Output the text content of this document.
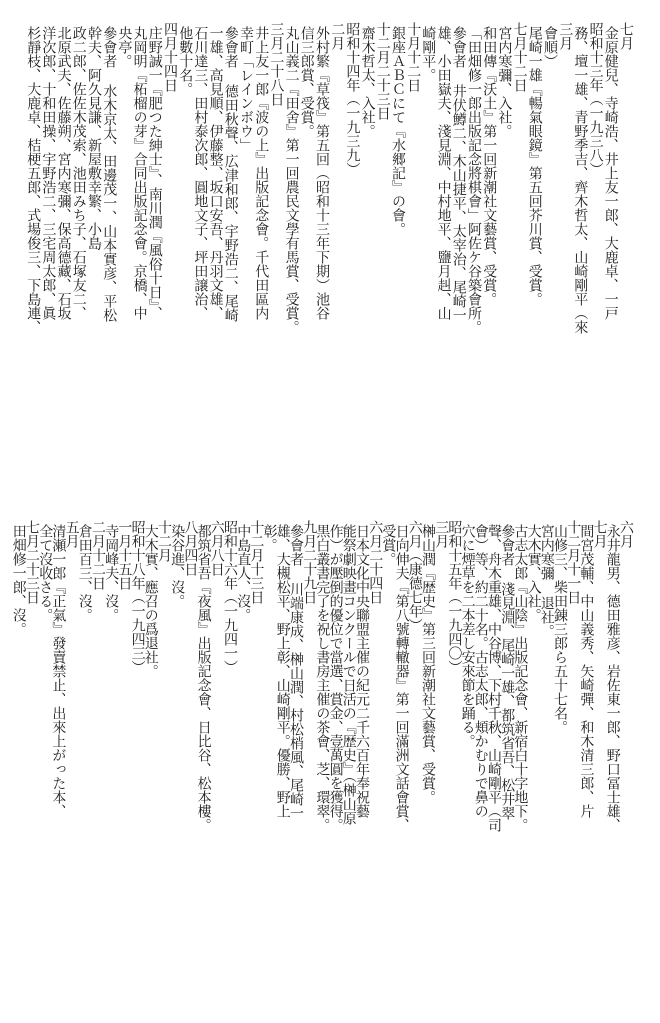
七月
金原健兒、寺崎浩、井上友一郎、大鹿卓、一戸
昭和十三年（一九三八）
務、壇一雄、青野季吉、齊木哲太、山崎剛平（來
三月
會順）
尾崎一雄『暢氣眼鏡』第五回芥川賞、受賞。
七月十二日
宮内寒彌、入社。
和田傳『沃土』第一回新潮社文藝賞、受賞。
「田畑修一郎出版記念將棋會」阿佐ケ谷築會所。
參會者 井伏鱒二、木山捷平、太宰治、尾崎一
雄、小田嶽夫、淺見淵、中村地平、鹽月赳、山
崎剛平。
十月十二日
銀座ＡＢＣにて『水郷記』の會。
十二月二十三日
齋木哲太、入社。
昭和十四年（一九三九）
二月
外村繁『草筏』第五回（昭和十三年下期）池谷
信三郎賞、受賞。
丸山義二『田舍』第一回農民文學有馬賞、受賞。
三月二十八日
井上友一郎『波の上』出版記念會。千代田區内
幸町「レインボウ」
參會者 德田秋聲、広津和郎、宇野浩二、尾崎
一雄、高見順、伊藤整、坂口安吾、丹羽文雄、
石川達三、田村泰次郎、圓地文子、坪田譲治、
他數十名。
四月十四日
庄野誠一『肥つた紳士』、南川潤『風俗十日』、
丸岡明『柘榴の芽』合同出版記念會。京橋、中
央亭。
參會者 水木京太、田邊茂一、山本實彦、平松
幹夫、阿久見謙、新屋敷幸繁、小島
政二郎、佐佐木茂索、池田みち子、石塚友二、
北原武夫、佐藤朔、宮内寒彌、保高德藏、石坂
洋次郎、十和田操、宇野浩二、三宅周太郎、眞
杉靜枝、大鹿卓、桔梗五郎、式場俊三、下島連、
六月
永井龍男、德田雅彦、岩佐東一郎、野口冨士雄、
七月
間宮茂輔、中山義秀、矢崎彈、和木清三郎、片
十二月十一日
山修三、柴田錬三郎ら五十七名。
宮内寒彌 退社。
大木實、入社。
古志太郎『山陰』出版記念會、新宿白十字地下。
參會者 淺見淵、尾崎一雄、都筑省吾、松井翠
聲、舟木重雄、中谷博、下村千秋、山崎剛平（司
會）等、約二十名。古志太郎、頬かむりで鼻の
穴に煙草を二本差し安來節を踊る。
昭和十五年（一九四〇）
三月
榊山潤『歴史』第三回新潮社文藝賞、受賞。
六月（康德七年）
日向伸夫『第八號轉轍器』第一回滿洲文話會賞、
受賞。
六月二十四日
日本文化中央聯盟主催の紀元二千六百年奉祝藝
能祭劇映畫コンクールで日活の『歴史』（榊山原
作）が壓倒的優位で當選、賞金、壹萬圓を獲得。
黒白叢書完了を祝し書房主催の茶會、芝、環翠。
九月二十九日
參會者 川端康成、榊山潤、村松梢風、尾崎一
雄、大槻松平、野上彰、山崎剛平。優勝、野上
彰。
十二月十三日
中島直人、沒。
昭和十六年（一九四一）
六月八日
都筑省吾『夜風』出版記念會、日比谷、松本樓。
八月四日
染谷進、沒。
十二月
大木實、應召の爲退社。
昭和十八年（一九四三）
一月十五日
寺岡峰夫、沒。
二月十二日
倉田百三、沒。
五月
清瀬一郎『正氣』發賣禁止、出來上がった本、
全て沒收さる。
七月二十三日
田畑修一郎、沒。
